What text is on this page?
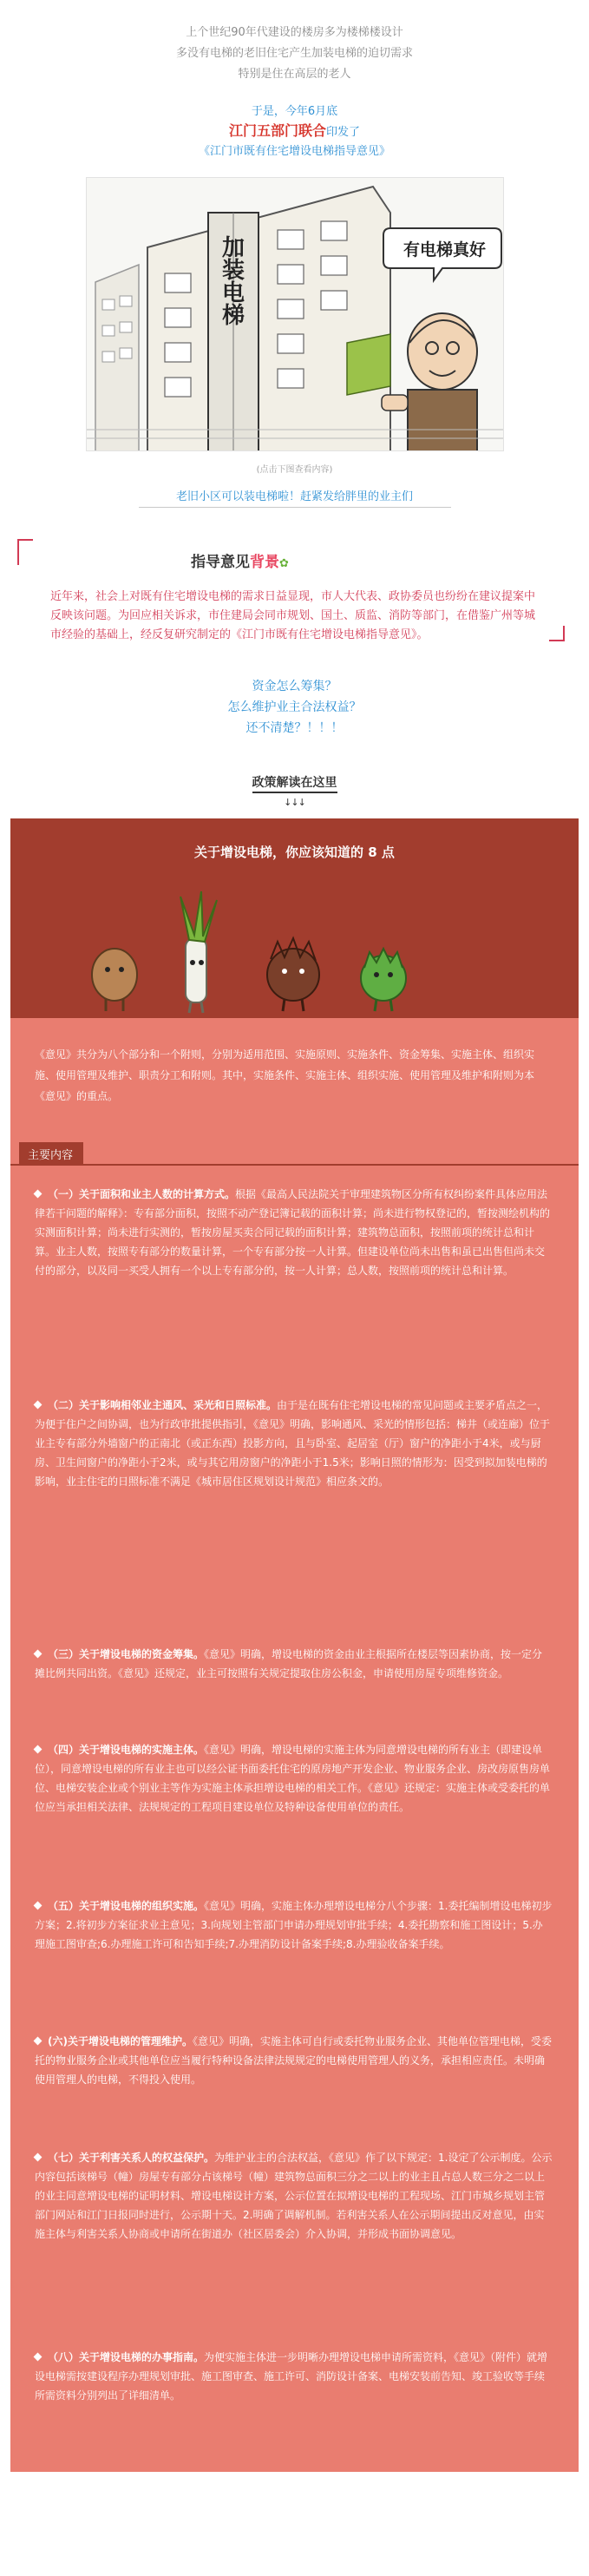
上个世纪90年代建设的楼房多为楼梯楼设计

多没有电梯的老旧住宅产生加装电梯的迫切需求

特别是住在高层的老人

于是，今年6月底
江门五部门联合印发了
《江门市既有住宅增设电梯指导意见》
加装电梯	有电梯真好
(点击下图查看内容)
老旧小区可以装电梯啦！赶紧发给胖里的业主们
指导意见背景✿
近年来，社会上对既有住宅增设电梯的需求日益显现，市人大代表、政协委员也纷纷在建议提案中反映该问题。为回应相关诉求，市住建局会同市规划、国土、质监、消防等部门，在借鉴广州等城市经验的基础上，经反复研究制定的《江门市既有住宅增设电梯指导意见》。

资金怎么筹集？

怎么维护业主合法权益？

还不清楚？！！！

政策解读在这里
↓↓↓
关于增设电梯，你应该知道的 8 点
《意见》共分为八个部分和一个附则，分别为适用范围、实施原则、实施条件、资金筹集、实施主体、组织实施、使用管理及维护、职责分工和附则。其中，实施条件、实施主体、组织实施、使用管理及维护和附则为本《意见》的重点。
主要内容
（一）关于面积和业主人数的计算方式。根据《最高人民法院关于审理建筑物区分所有权纠纷案件具体应用法律若干问题的解释》：专有部分面积，按照不动产登记簿记载的面积计算；尚未进行物权登记的，暂按测绘机构的实测面积计算；尚未进行实测的，暂按房屋买卖合同记载的面积计算；建筑物总面积，按照前项的统计总和计算。业主人数，按照专有部分的数量计算，一个专有部分按一人计算。但建设单位尚未出售和虽已出售但尚未交付的部分，以及同一买受人拥有一个以上专有部分的，按一人计算；总人数，按照前项的统计总和计算。
（二）关于影响相邻业主通风、采光和日照标准。由于是在既有住宅增设电梯的常见问题或主要矛盾点之一，为便于住户之间协调，也为行政审批提供指引，《意见》明确，影响通风、采光的情形包括：梯井（或连廊）位于业主专有部分外墙窗户的正南北（或正东西）投影方向，且与卧室、起居室（厅）窗户的净距小于4米，或与厨房、卫生间窗户的净距小于2米，或与其它用房窗户的净距小于1.5米；影响日照的情形为：因受到拟加装电梯的影响，业主住宅的日照标准不满足《城市居住区规划设计规范》相应条文的。
（三）关于增设电梯的资金筹集。《意见》明确，增设电梯的资金由业主根据所在楼层等因素协商，按一定分摊比例共同出资。《意见》还规定，业主可按照有关规定提取住房公积金，申请使用房屋专项维修资金。
（四）关于增设电梯的实施主体。《意见》明确，增设电梯的实施主体为同意增设电梯的所有业主（即建设单位），同意增设电梯的所有业主也可以经公证书面委托住宅的原房地产开发企业、物业服务企业、房改房原售房单位、电梯安装企业或个别业主等作为实施主体承担增设电梯的相关工作。《意见》还规定：实施主体或受委托的单位应当承担相关法律、法规规定的工程项目建设单位及特种设备使用单位的责任。
（五）关于增设电梯的组织实施。《意见》明确，实施主体办理增设电梯分八个步骤：1.委托编制增设电梯初步方案；2.将初步方案征求业主意见；3.向规划主管部门申请办理规划审批手续；4.委托勘察和施工图设计；5.办理施工图审查;6.办理施工许可和告知手续;7.办理消防设计备案手续;8.办理验收备案手续。
(六)关于增设电梯的管理维护。《意见》明确，实施主体可自行或委托物业服务企业、其他单位管理电梯，受委托的物业服务企业或其他单位应当履行特种设备法律法规规定的电梯使用管理人的义务，承担相应责任。未明确使用管理人的电梯，不得投入使用。
（七）关于利害关系人的权益保护。为维护业主的合法权益，《意见》作了以下规定：1.设定了公示制度。公示内容包括该梯号（幢）房屋专有部分占该梯号（幢）建筑物总面积三分之二以上的业主且占总人数三分之二以上的业主同意增设电梯的证明材料、增设电梯设计方案，公示位置在拟增设电梯的工程现场、江门市城乡规划主管部门网站和江门日报同时进行，公示期十天。2.明确了调解机制。若利害关系人在公示期间提出反对意见，由实施主体与利害关系人协商或申请所在街道办（社区居委会）介入协调，并形成书面协调意见。
（八）关于增设电梯的办事指南。为便实施主体进一步明晰办理增设电梯申请所需资料，《意见》（附件）就增设电梯需按建设程序办理规划审批、施工图审查、施工许可、消防设计备案、电梯安装前告知、竣工验收等手续所需资料分别列出了详细清单。
